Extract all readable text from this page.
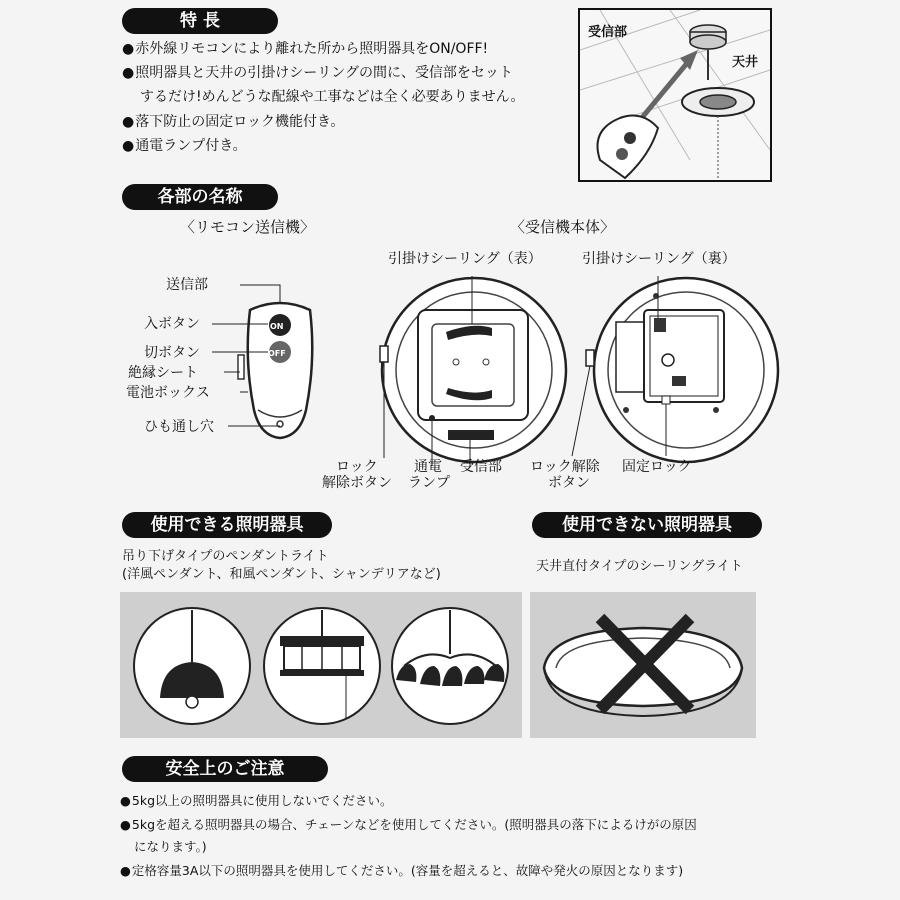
特 長
● 赤外線リモコンにより離れた所から照明器具をON/OFF!
● 照明器具と天井の引掛けシーリングの間に、受信部をセット
するだけ!めんどうな配線や工事などは全く必要ありません。
● 落下防止の固定ロック機能付き。
● 通電ランプ付き。
受信部
天井
各部の名称
〈リモコン送信機〉	〈受信機本体〉
ON
OFF
送信部
入ボタン
切ボタン
絶縁シート
電池ボックス
ひも通し穴
引掛けシーリング（表）
ロック
解除ボタン
通電
ランプ
受信部
引掛けシーリング（裏）
ロック解除
ボタン
固定ロック
使用できる照明器具
吊り下げタイプのペンダントライト
(洋風ペンダント、和風ペンダント、シャンデリアなど)
使用できない照明器具
天井直付タイプのシーリングライト
安全上のご注意
● 5kg以上の照明器具に使用しないでください。
● 5kgを超える照明器具の場合、チェーンなどを使用してください。(照明器具の落下によるけがの原因
になります。)
● 定格容量3A以下の照明器具を使用してください。(容量を超えると、故障や発火の原因となります)
